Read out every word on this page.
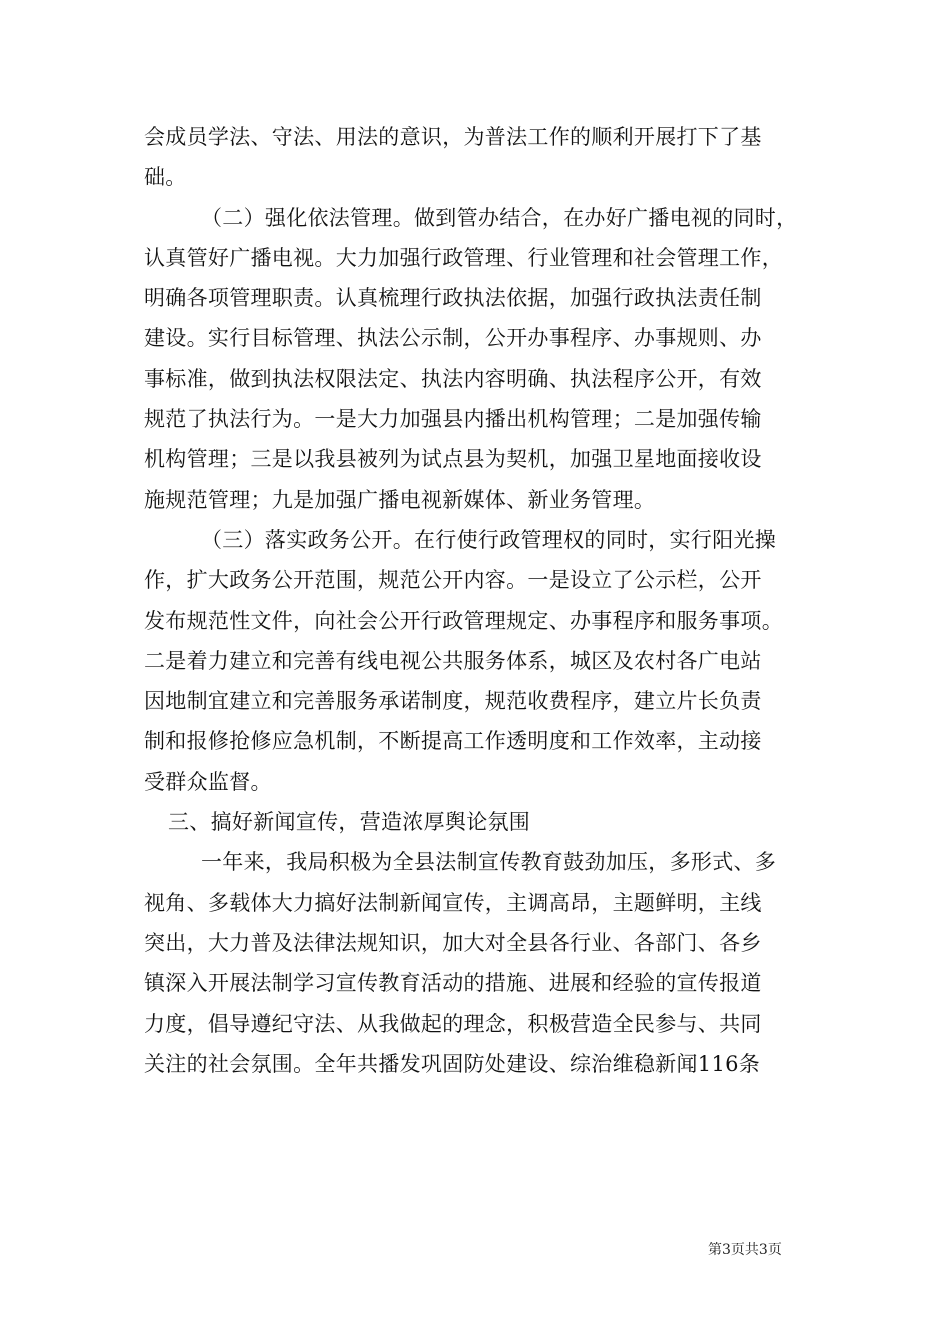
会成员学法、守法、用法的意识，为普法工作的顺利开展打下了基
础。
（二）强化依法管理。做到管办结合，在办好广播电视的同时，
认真管好广播电视。大力加强行政管理、行业管理和社会管理工作，
明确各项管理职责。认真梳理行政执法依据，加强行政执法责任制
建设。实行目标管理、执法公示制，公开办事程序、办事规则、办
事标准，做到执法权限法定、执法内容明确、执法程序公开，有效
规范了执法行为。一是大力加强县内播出机构管理；二是加强传输
机构管理；三是以我县被列为试点县为契机，加强卫星地面接收设
施规范管理；九是加强广播电视新媒体、新业务管理。
（三）落实政务公开。在行使行政管理权的同时，实行阳光操
作，扩大政务公开范围，规范公开内容。一是设立了公示栏，公开
发布规范性文件，向社会公开行政管理规定、办事程序和服务事项。
二是着力建立和完善有线电视公共服务体系，城区及农村各广电站
因地制宜建立和完善服务承诺制度，规范收费程序，建立片长负责
制和报修抢修应急机制，不断提高工作透明度和工作效率，主动接
受群众监督。
三、搞好新闻宣传，营造浓厚舆论氛围
一年来，我局积极为全县法制宣传教育鼓劲加压，多形式、多
视角、多载体大力搞好法制新闻宣传，主调高昂，主题鲜明，主线
突出，大力普及法律法规知识，加大对全县各行业、各部门、各乡
镇深入开展法制学习宣传教育活动的措施、进展和经验的宣传报道
力度，倡导遵纪守法、从我做起的理念，积极营造全民参与、共同
关注的社会氛围。全年共播发巩固防处建设、综治维稳新闻116条
第3页共3页
